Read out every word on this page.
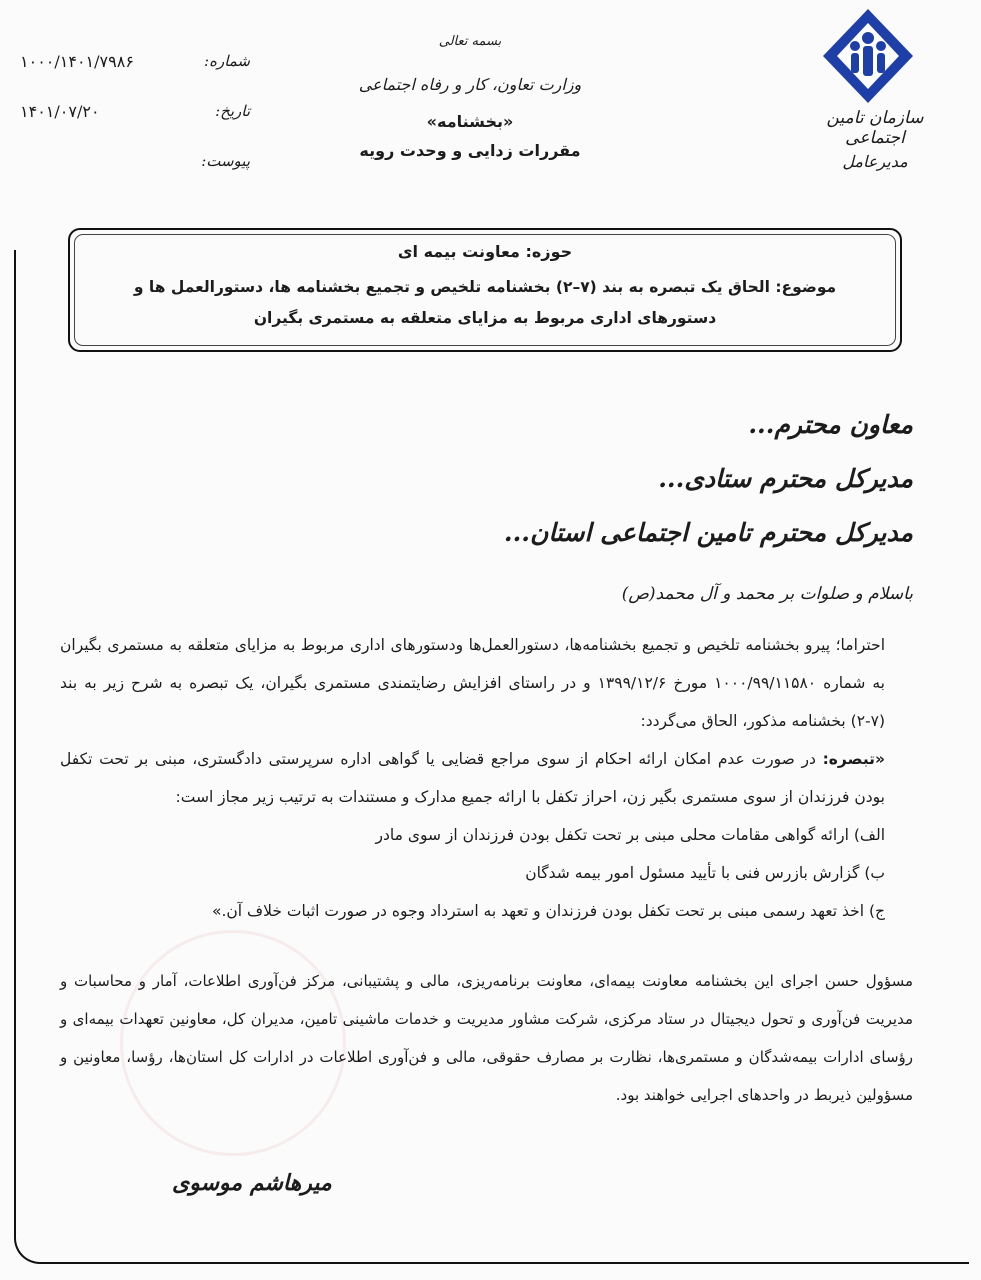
سازمان تامین اجتماعی
مدیرعامل
شماره:
۱۰۰۰/۱۴۰۱/۷۹۸۶
تاریخ:
۱۴۰۱/۰۷/۲۰
پیوست:
بسمه تعالی
وزارت تعاون، کار و رفاه اجتماعی
«بخشنامه»
مقررات زدایی و وحدت رویه
حوزه: معاونت بیمه ای
موضوع: الحاق یک تبصره به بند (۷–۲) بخشنامه تلخیص و تجمیع بخشنامه ها، دستورالعمل ها و دستورهای اداری مربوط به مزایای متعلقه به مستمری بگیران
معاون محترم...
مدیرکل محترم ستادی...
مدیرکل محترم تامین اجتماعی استان...
باسلام و صلوات بر محمد و آل محمد(ص)

احتراما؛ پیرو بخشنامه تلخیص و تجمیع بخشنامه‌ها، دستورالعمل‌ها ودستورهای اداری مربوط به مزایای متعلقه به مستمری بگیران به شماره ۱۰۰۰/۹۹/۱۱۵۸۰ مورخ ۱۳۹۹/۱۲/۶ و در راستای افزایش رضایتمندی مستمری بگیران، یک تبصره به شرح زیر به بند (۷-۲) بخشنامه مذکور، الحاق می‌گردد:

«تبصره: در صورت عدم امکان ارائه احکام از سوی مراجع قضایی یا گواهی اداره سرپرستی دادگستری، مبنی بر تحت تکفل بودن فرزندان از سوی مستمری بگیر زن، احراز تکفل با ارائه جمیع مدارک و مستندات به ترتیب زیر مجاز است:

الف) ارائه گواهی مقامات محلی مبنی بر تحت تکفل بودن فرزندان از سوی مادر

ب) گزارش بازرس فنی با تأیید مسئول امور بیمه شدگان

ج) اخذ تعهد رسمی مبنی بر تحت تکفل بودن فرزندان و تعهد به استرداد وجوه در صورت اثبات خلاف آن.»

مسؤول حسن اجرای این بخشنامه معاونت بیمه‌ای، معاونت برنامه‌ریزی، مالی و پشتیبانی، مرکز فن‌آوری اطلاعات، آمار و محاسبات و مدیریت فن‌آوری و تحول دیجیتال در ستاد مرکزی، شرکت مشاور مدیریت و خدمات ماشینی تامین، مدیران کل، معاونین تعهدات بیمه‌ای و رؤسای ادارات بیمه‌شدگان و مستمری‌ها، نظارت بر مصارف حقوقی، مالی و فن‌آوری اطلاعات در ادارات کل استان‌ها، رؤسا، معاونین و مسؤولین ذیربط در واحدهای اجرایی خواهند بود.
میرهاشم موسوی
